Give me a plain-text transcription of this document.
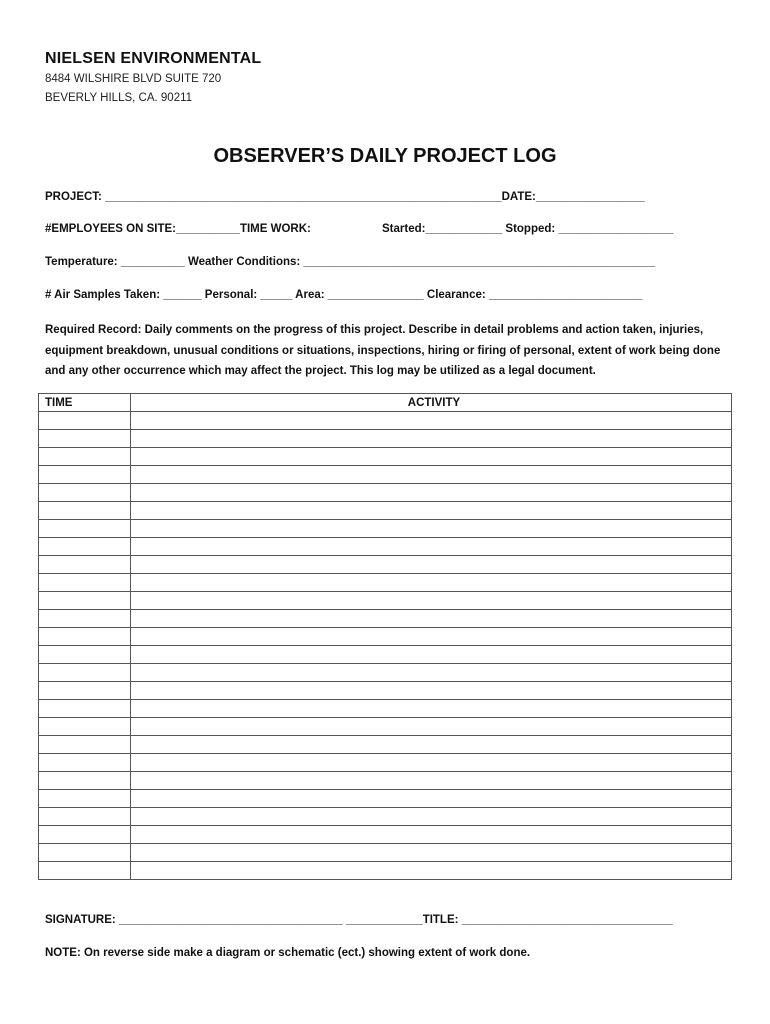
NIELSEN ENVIRONMENTAL
8484 WILSHIRE BLVD SUITE 720
BEVERLY HILLS, CA. 90211
OBSERVER’S DAILY PROJECT LOG
PROJECT: ______________________________________________________________DATE:_________________
#EMPLOYEES ON SITE:__________TIME WORK:	Started:____________ Stopped: __________________
Temperature: __________ Weather Conditions: _______________________________________________________
# Air Samples Taken: ______ Personal: _____ Area: _______________ Clearance: ________________________
Required Record: Daily comments on the progress of this project. Describe in detail problems and action taken, injuries, equipment breakdown, unusual conditions or situations, inspections, hiring or firing of personal, extent of work being done and any other occurrence which may affect the project. This log may be utilized as a legal document.
TIME	ACTIVITY

SIGNATURE: ___________________________________ ____________TITLE: _________________________________
NOTE: On reverse side make a diagram or schematic (ect.) showing extent of work done.
